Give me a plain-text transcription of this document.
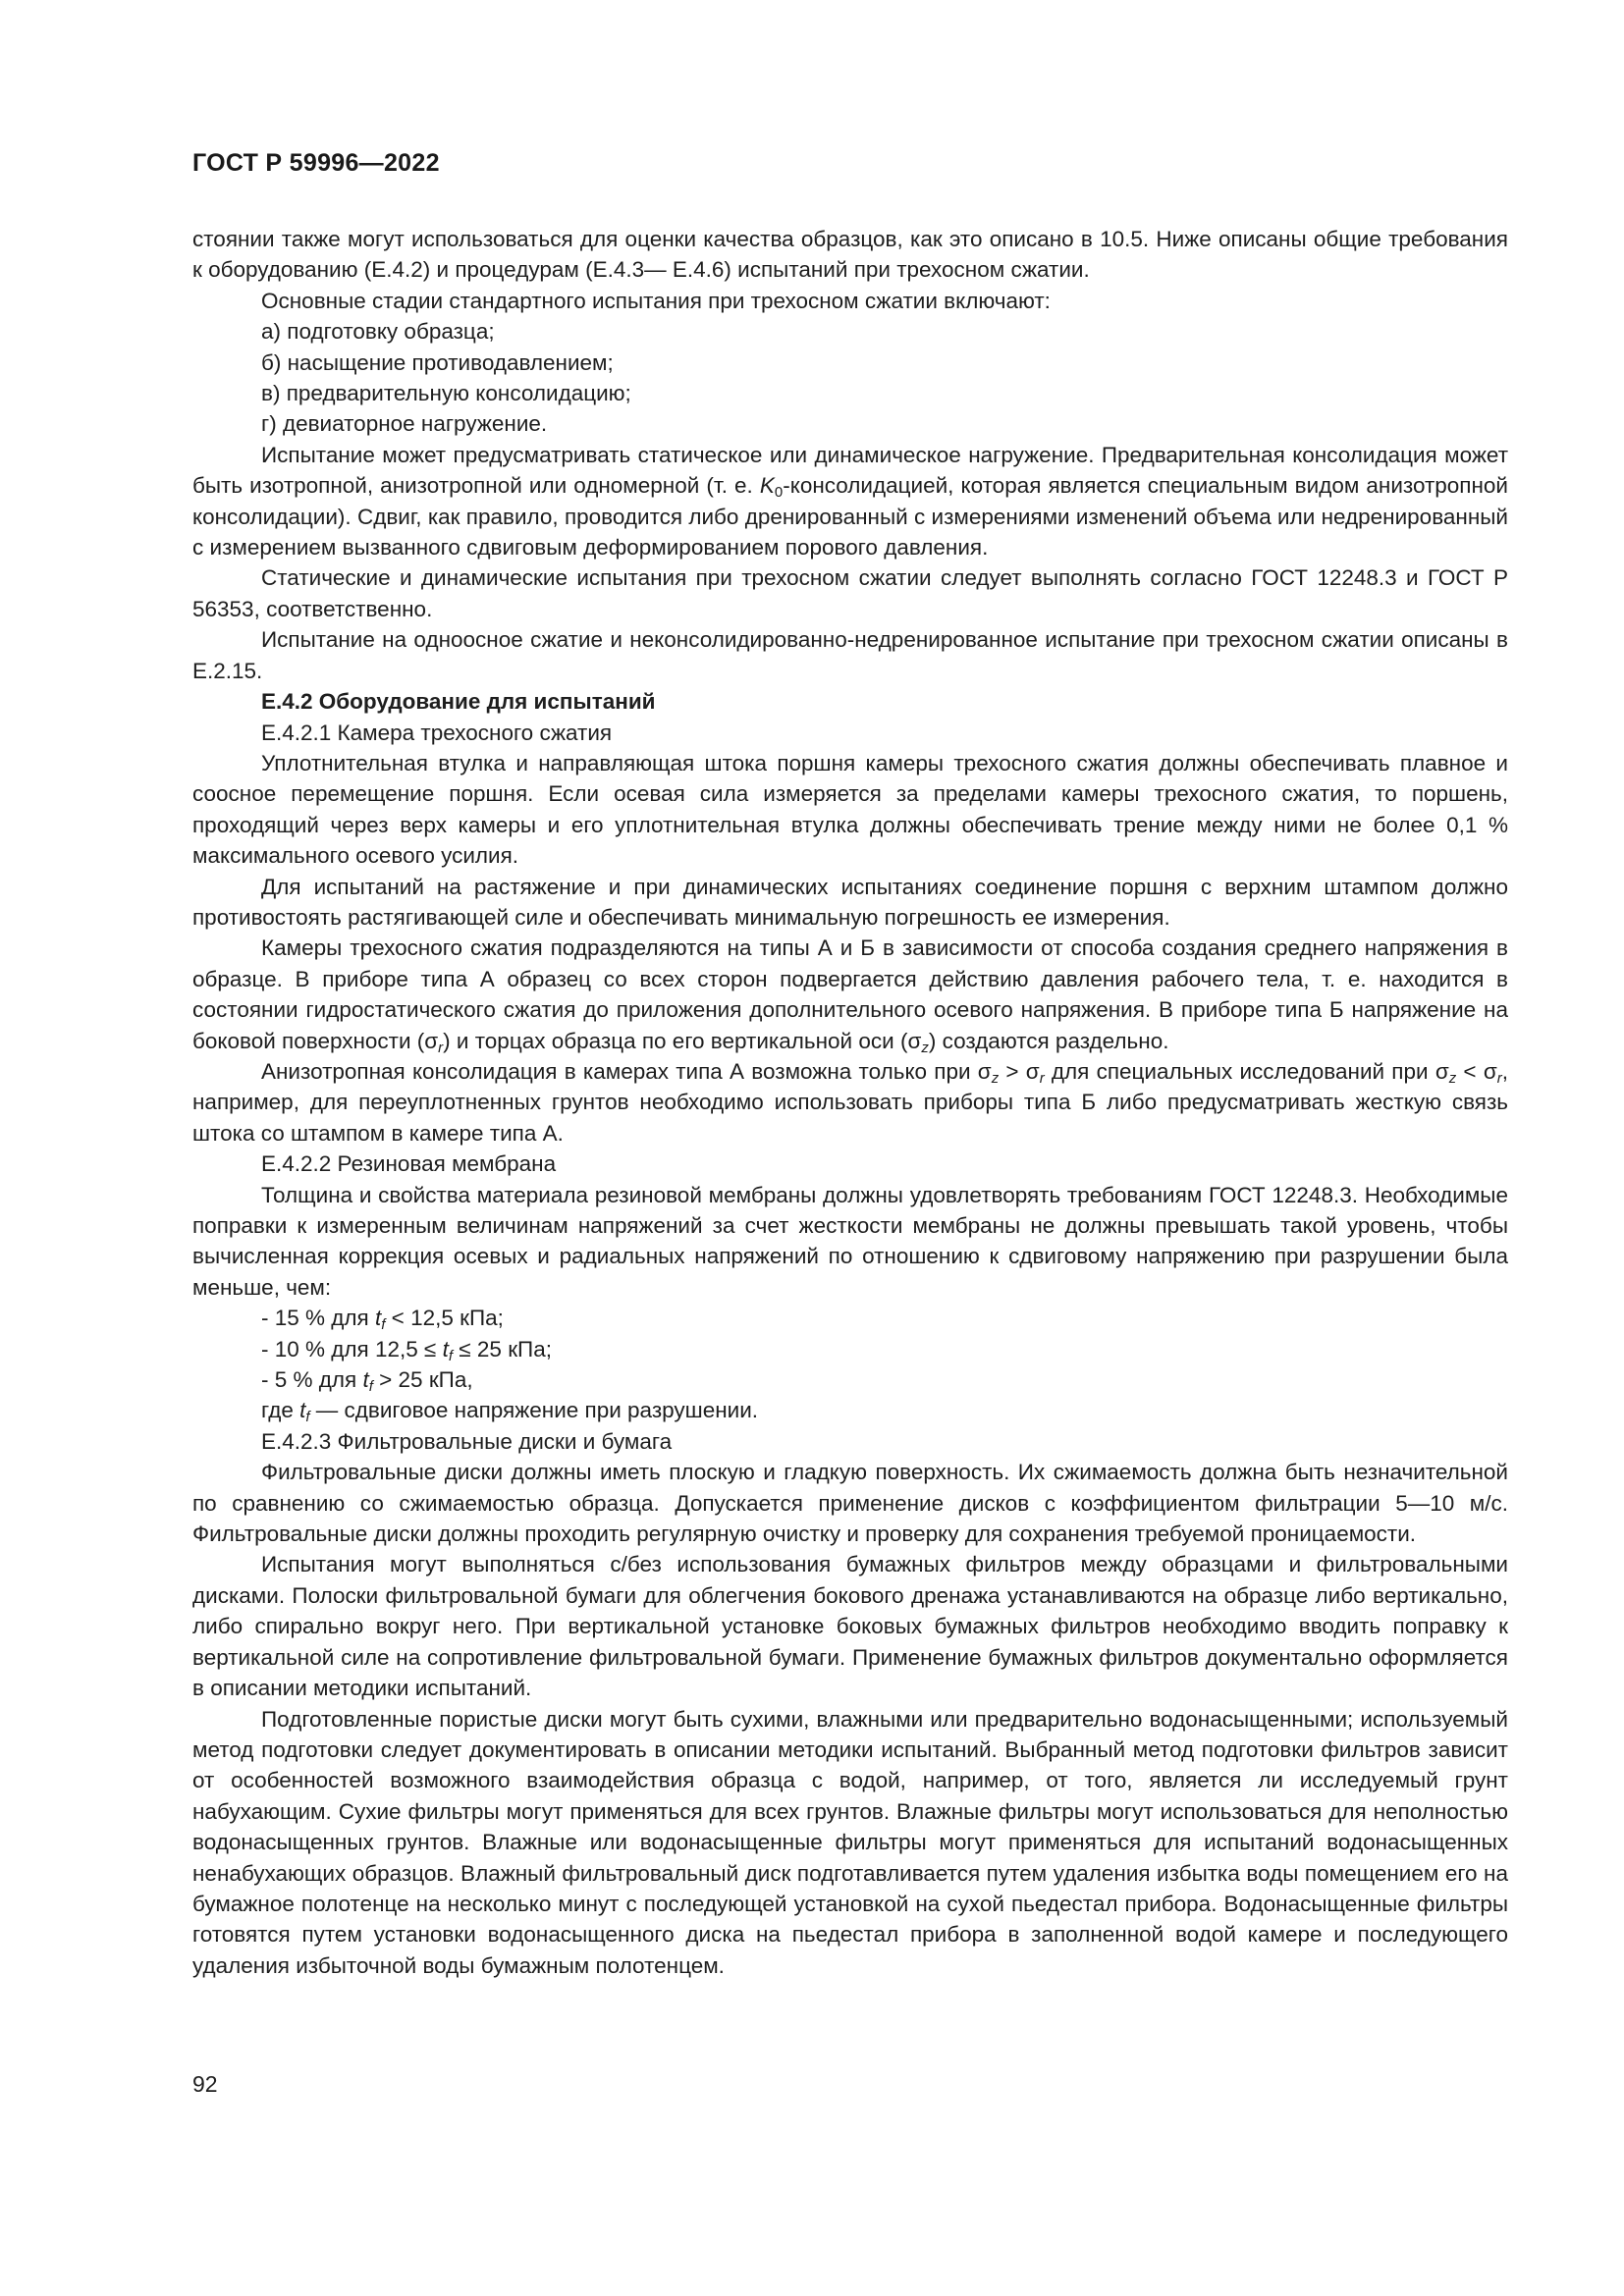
ГОСТ Р 59996—2022

стоянии также могут использоваться для оценки качества образцов, как это описано в 10.5. Ниже описаны общие требования к оборудованию (Е.4.2) и процедурам (Е.4.3— Е.4.6) испытаний при трехосном сжатии.

Основные стадии стандартного испытания при трехосном сжатии включают:

а) подготовку образца;

б) насыщение противодавлением;

в) предварительную консолидацию;

г) девиаторное нагружение.

Испытание может предусматривать статическое или динамическое нагружение. Предварительная консолидация может быть изотропной, анизотропной или одномерной (т. е. $K_0$-консолидацией, которая является специальным видом анизотропной консолидации). Сдвиг, как правило, проводится либо дренированный с измерениями изменений объема или недренированный с измерением вызванного сдвиговым деформированием порового давления.

Статические и динамические испытания при трехосном сжатии следует выполнять согласно ГОСТ 12248.3 и ГОСТ Р 56353, соответственно.

Испытание на одноосное сжатие и неконсолидированно-недренированное испытание при трехосном сжатии описаны в Е.2.15.

Е.4.2 Оборудование для испытаний

Е.4.2.1 Камера трехосного сжатия

Уплотнительная втулка и направляющая штока поршня камеры трехосного сжатия должны обеспечивать плавное и соосное перемещение поршня. Если осевая сила измеряется за пределами камеры трехосного сжатия, то поршень, проходящий через верх камеры и его уплотнительная втулка должны обеспечивать трение между ними не более 0,1 % максимального осевого усилия.

Для испытаний на растяжение и при динамических испытаниях соединение поршня с верхним штампом должно противостоять растягивающей силе и обеспечивать минимальную погрешность ее измерения.

Камеры трехосного сжатия подразделяются на типы А и Б в зависимости от способа создания среднего напряжения в образце. В приборе типа А образец со всех сторон подвергается действию давления рабочего тела, т. е. находится в состоянии гидростатического сжатия до приложения дополнительного осевого напряжения. В приборе типа Б напряжение на боковой поверхности $(\sigma_r)$ и торцах образца по его вертикальной оси $(\sigma_z)$ создаются раздельно.

Анизотропная консолидация в камерах типа А возможна только при $\sigma_z > \sigma_r$ для специальных исследований при $\sigma_z < \sigma_r$, например, для переуплотненных грунтов необходимо использовать приборы типа Б либо предусматривать жесткую связь штока со штампом в камере типа А.

Е.4.2.2 Резиновая мембрана

Толщина и свойства материала резиновой мембраны должны удовлетворять требованиям ГОСТ 12248.3. Необходимые поправки к измеренным величинам напряжений за счет жесткости мембраны не должны превышать такой уровень, чтобы вычисленная коррекция осевых и радиальных напряжений по отношению к сдвиговому напряжению при разрушении была меньше, чем:

- 15 % для $t_f < 12,5$ кПа;

- 10 % для $12,5 \le t_f \le 25$ кПа;

- 5 % для $t_f > 25$ кПа,

где $t_f$ — сдвиговое напряжение при разрушении.

Е.4.2.3 Фильтровальные диски и бумага

Фильтровальные диски должны иметь плоскую и гладкую поверхность. Их сжимаемость должна быть незначительной по сравнению со сжимаемостью образца. Допускается применение дисков с коэффициентом фильтрации 5—10 м/с. Фильтровальные диски должны проходить регулярную очистку и проверку для сохранения требуемой проницаемости.

Испытания могут выполняться с/без использования бумажных фильтров между образцами и фильтровальными дисками. Полоски фильтровальной бумаги для облегчения бокового дренажа устанавливаются на образце либо вертикально, либо спирально вокруг него. При вертикальной установке боковых бумажных фильтров необходимо вводить поправку к вертикальной силе на сопротивление фильтровальной бумаги. Применение бумажных фильтров документально оформляется в описании методики испытаний.

Подготовленные пористые диски могут быть сухими, влажными или предварительно водонасыщенными; используемый метод подготовки следует документировать в описании методики испытаний. Выбранный метод подготовки фильтров зависит от особенностей возможного взаимодействия образца с водой, например, от того, является ли исследуемый грунт набухающим. Сухие фильтры могут применяться для всех грунтов. Влажные фильтры могут использоваться для неполностью водонасыщенных грунтов. Влажные или водонасыщенные фильтры могут применяться для испытаний водонасыщенных ненабухающих образцов. Влажный фильтровальный диск подготавливается путем удаления избытка воды помещением его на бумажное полотенце на несколько минут с последующей установкой на сухой пьедестал прибора. Водонасыщенные фильтры готовятся путем установки водонасыщенного диска на пьедестал прибора в заполненной водой камере и последующего удаления избыточной воды бумажным полотенцем.

92
